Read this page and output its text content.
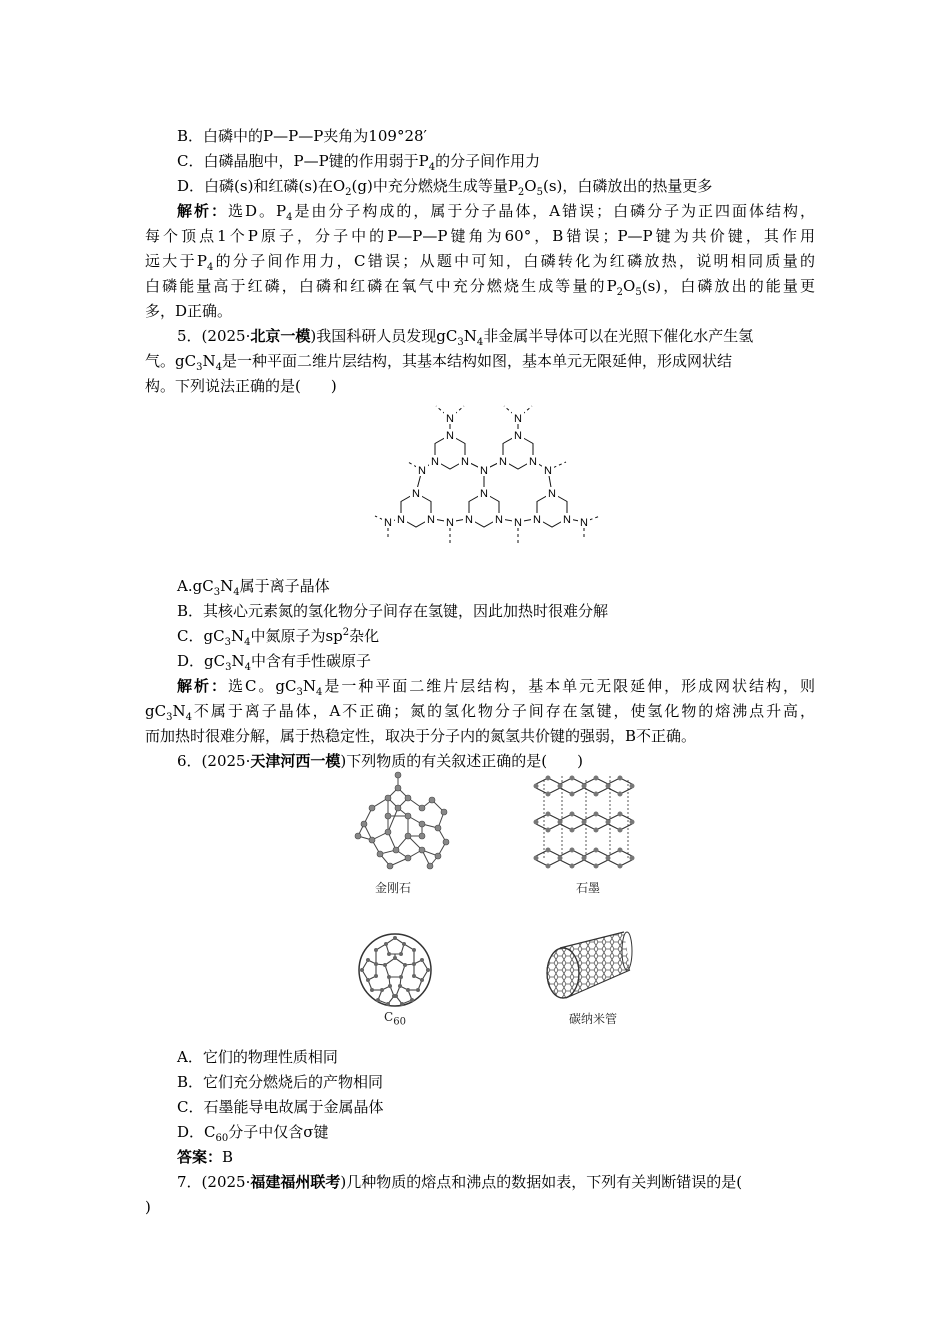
B．白磷中的P—P—P夹角为109°28′
C．白磷晶胞中，P—P键的作用弱于$P_4$的分子间作用力
D．白磷(s)和红磷(s)在$O_2(g)$中充分燃烧生成等量$P_2O_5(s)$，白磷放出的热量更多
解析：选D。$P_4$是由分子构成的，属于分子晶体，A错误；白磷分子为正四面体结构，
每个顶点1个P原子，分子中的P—P—P键角为60°，B错误；P—P键为共价键，其作用
远大于$P_4$的分子间作用力，C错误；从题中可知，白磷转化为红磷放热，说明相同质量的
白磷能量高于红磷，白磷和红磷在氧气中充分燃烧生成等量的$P_2O_5(s)$，白磷放出的能量更
多，D正确。
5．(2025·北京一模)我国科研人员发现$gC_3N_4$非金属半导体可以在光照下催化水产生氢
气。$gC_3N_4$是一种平面二维片层结构，其基本结构如图，基本单元无限延伸，形成网状结
构。下列说法正确的是(　　)
N	N
N	N	N
N	N	N	N
N
N
N
N
N
N
N
N
N
N
N
N
N
N
N
$A.gC_3N_4$属于离子晶体
B．其核心元素氮的氢化物分子间存在氢键，因此加热时很难分解
C．$gC_3N_4$中氮原子为$sp^2$杂化
D．$gC_3N_4$中含有手性碳原子
解析：选C。$gC_3N_4$是一种平面二维片层结构，基本单元无限延伸，形成网状结构，则
$gC_3N_4$不属于离子晶体，A不正确；氮的氢化物分子间存在氢键，使氢化物的熔沸点升高，
而加热时很难分解，属于热稳定性，取决于分子内的氮氢共价键的强弱，B不正确。
6．(2025·天津河西一模)下列物质的有关叙述正确的是(　　)
金刚石	石墨
$C_{60}$	碳纳米管
A．它们的物理性质相同
B．它们充分燃烧后的产物相同
C．石墨能导电故属于金属晶体
D．$C_{60}$分子中仅含σ键
答案：B
7．(2025·福建福州联考)几种物质的熔点和沸点的数据如表，下列有关判断错误的是(
)
